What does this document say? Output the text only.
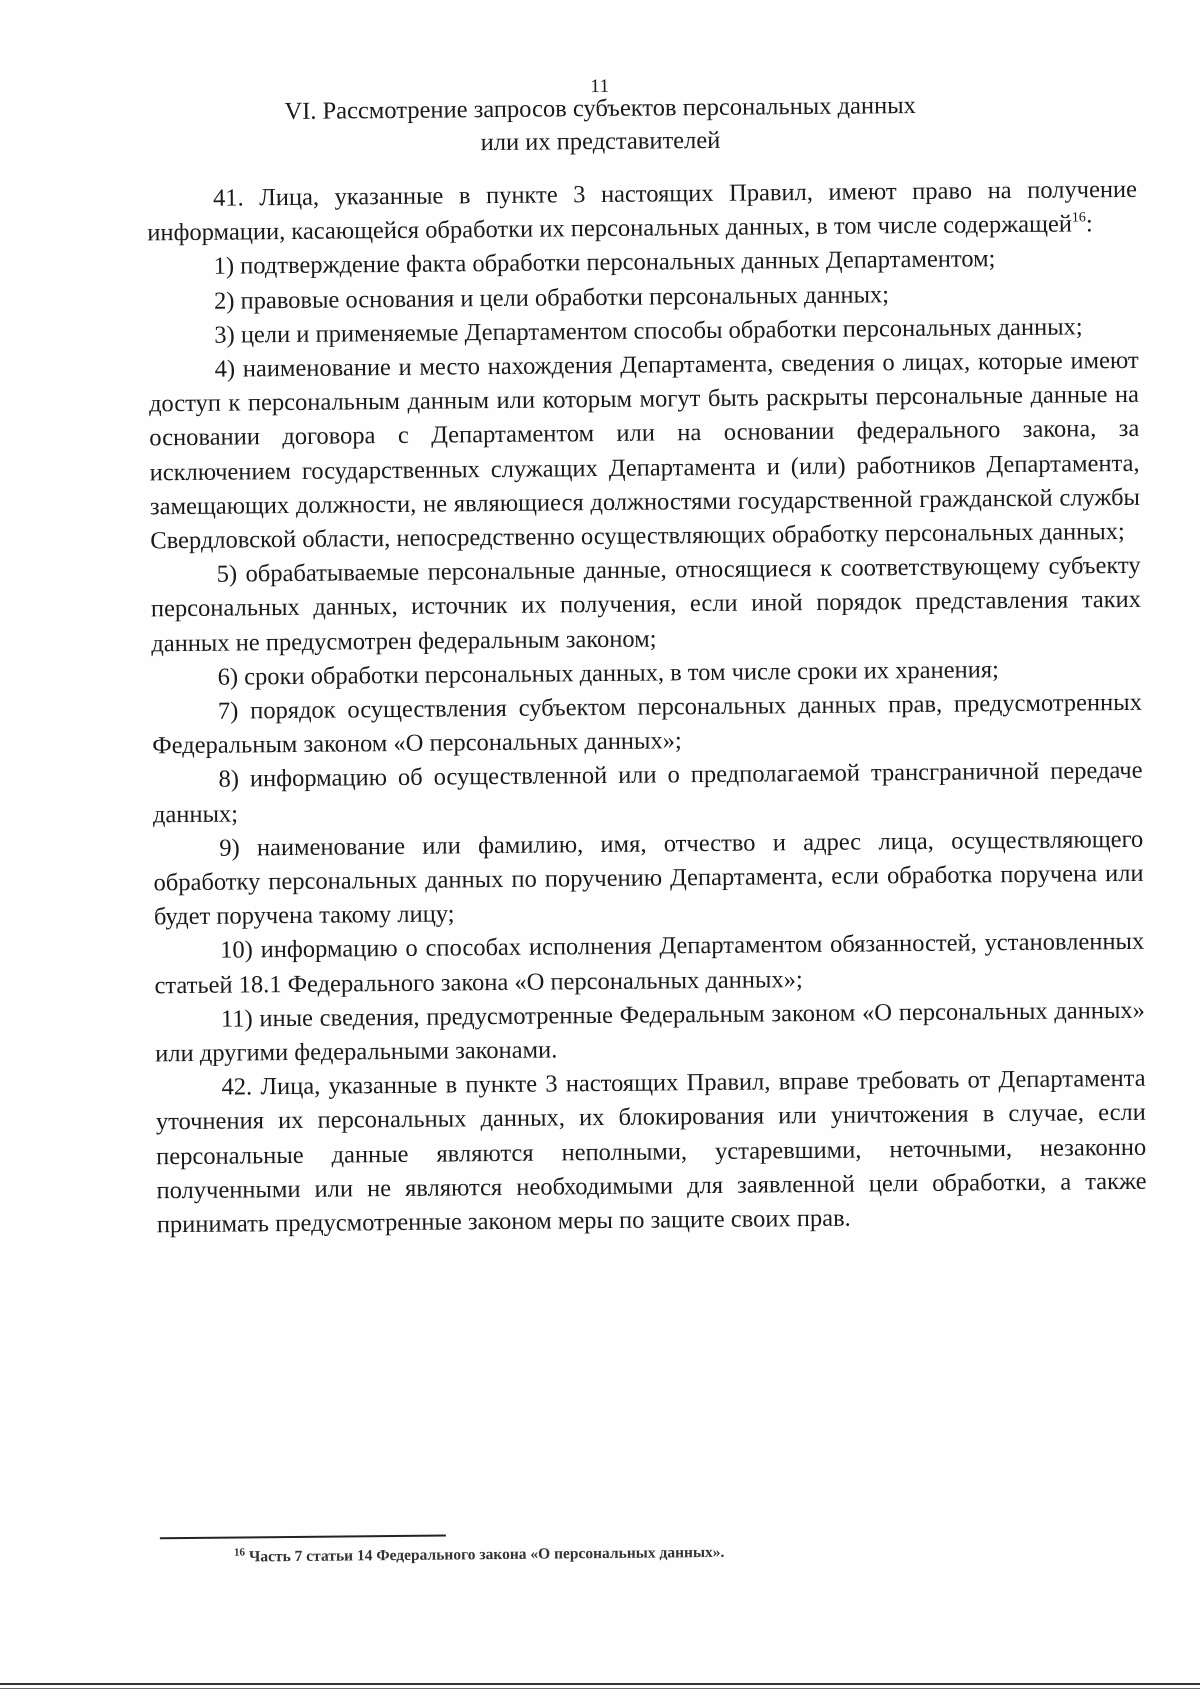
11
VI. Рассмотрение запросов субъектов персональных данных
или их представителей

41. Лица, указанные в пункте 3 настоящих Правил, имеют право на получение информации, касающейся обработки их персональных данных, в том числе содержащей$^{16}$:

1) подтверждение факта обработки персональных данных Департаментом;

2) правовые основания и цели обработки персональных данных;

3) цели и применяемые Департаментом способы обработки персональных данных;

4) наименование и место нахождения Департамента, сведения о лицах, которые имеют доступ к персональным данным или которым могут быть раскрыты персональные данные на основании договора с Департаментом или на основании федерального закона, за исключением государственных служащих Департамента и (или) работников Департамента, замещающих должности, не являющиеся должностями государственной гражданской службы Свердловской области, непосредственно осуществляющих обработку персональных данных;

5) обрабатываемые персональные данные, относящиеся к соответствующему субъекту персональных данных, источник их получения, если иной порядок представления таких данных не предусмотрен федеральным законом;

6) сроки обработки персональных данных, в том числе сроки их хранения;

7) порядок осуществления субъектом персональных данных прав, предусмотренных Федеральным законом «О персональных данных»;

8) информацию об осуществленной или о предполагаемой трансграничной передаче данных;

9) наименование или фамилию, имя, отчество и адрес лица, осуществляющего обработку персональных данных по поручению Департамента, если обработка поручена или будет поручена такому лицу;

10) информацию о способах исполнения Департаментом обязанностей, установленных статьей 18.1 Федерального закона «О персональных данных»;

11) иные сведения, предусмотренные Федеральным законом «О персональных данных» или другими федеральными законами.

42. Лица, указанные в пункте 3 настоящих Правил, вправе требовать от Департамента уточнения их персональных данных, их блокирования или уничтожения в случае, если персональные данные являются неполными, устаревшими, неточными, незаконно полученными или не являются необходимыми для заявленной цели обработки, а также принимать предусмотренные законом меры по защите своих прав.

$^{16}$ Часть 7 статьи 14 Федерального закона «О персональных данных».
